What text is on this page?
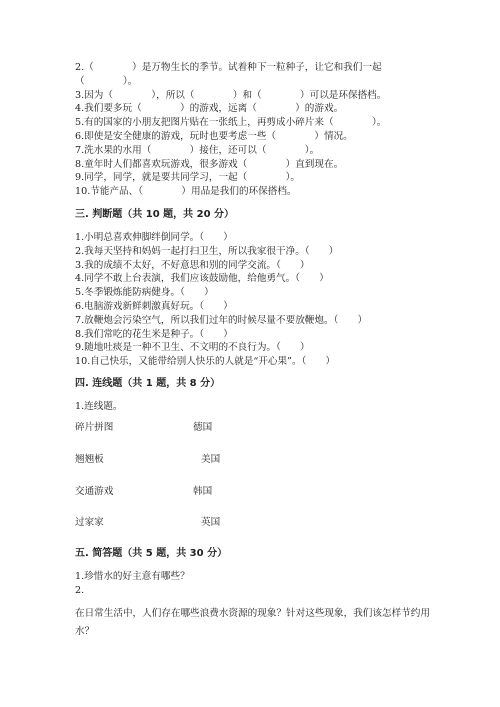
2.（　　　　）是万物生长的季节。试着种下一粒种子，让它和我们一起
（　　　　）。
3.因为（　　　　），所以（　　　　）和（　　　　）可以是环保搭档。
4.我们要多玩（　　　　）的游戏，远离（　　　　）的游戏。
5.有的国家的小朋友把图片贴在一张纸上，再剪成小碎片来（　　　　）。
6.即使是安全健康的游戏，玩时也要考虑一些（　　　　）情况。
7.洗水果的水用（　　　　）接住，还可以（　　　　）。
8.童年时人们都喜欢玩游戏，很多游戏（　　　　）直到现在。
9.同学，同学，就是要共同学习，一起（　　　　）。
10.节能产品、（　　　　）用品是我们的环保搭档。
三. 判断题（共 10 题，共 20 分）
1.小明总喜欢伸脚绊倒同学。（　　）
2.我每天坚持和妈妈一起打扫卫生，所以我家很干净。（　　）
3.我的成绩不太好，不好意思和别的同学交流。（　　）
4.同学不敢上台表演，我们应该鼓励他，给他勇气。（　　）
5.冬季锻炼能防病健身。（　　）
6.电脑游戏新鲜刺激真好玩。（　　）
7.放鞭炮会污染空气，所以我们过年的时候尽量不要放鞭炮。（　　）
8.我们常吃的花生米是种子。（　　）
9.随地吐痰是一种不卫生、不文明的不良行为。（　　）
10.自己快乐，又能带给别人快乐的人就是“开心果”。（　　）
四. 连线题（共 1 题，共 8 分）
1.连线题。
碎片拼图	德国
翘翘板	美国
交通游戏	韩国
过家家	英国
五. 简答题（共 5 题，共 30 分）
1.珍惜水的好主意有哪些？
2.
在日常生活中，人们存在哪些浪费水资源的现象？针对这些现象，我们该怎样节约用水？
